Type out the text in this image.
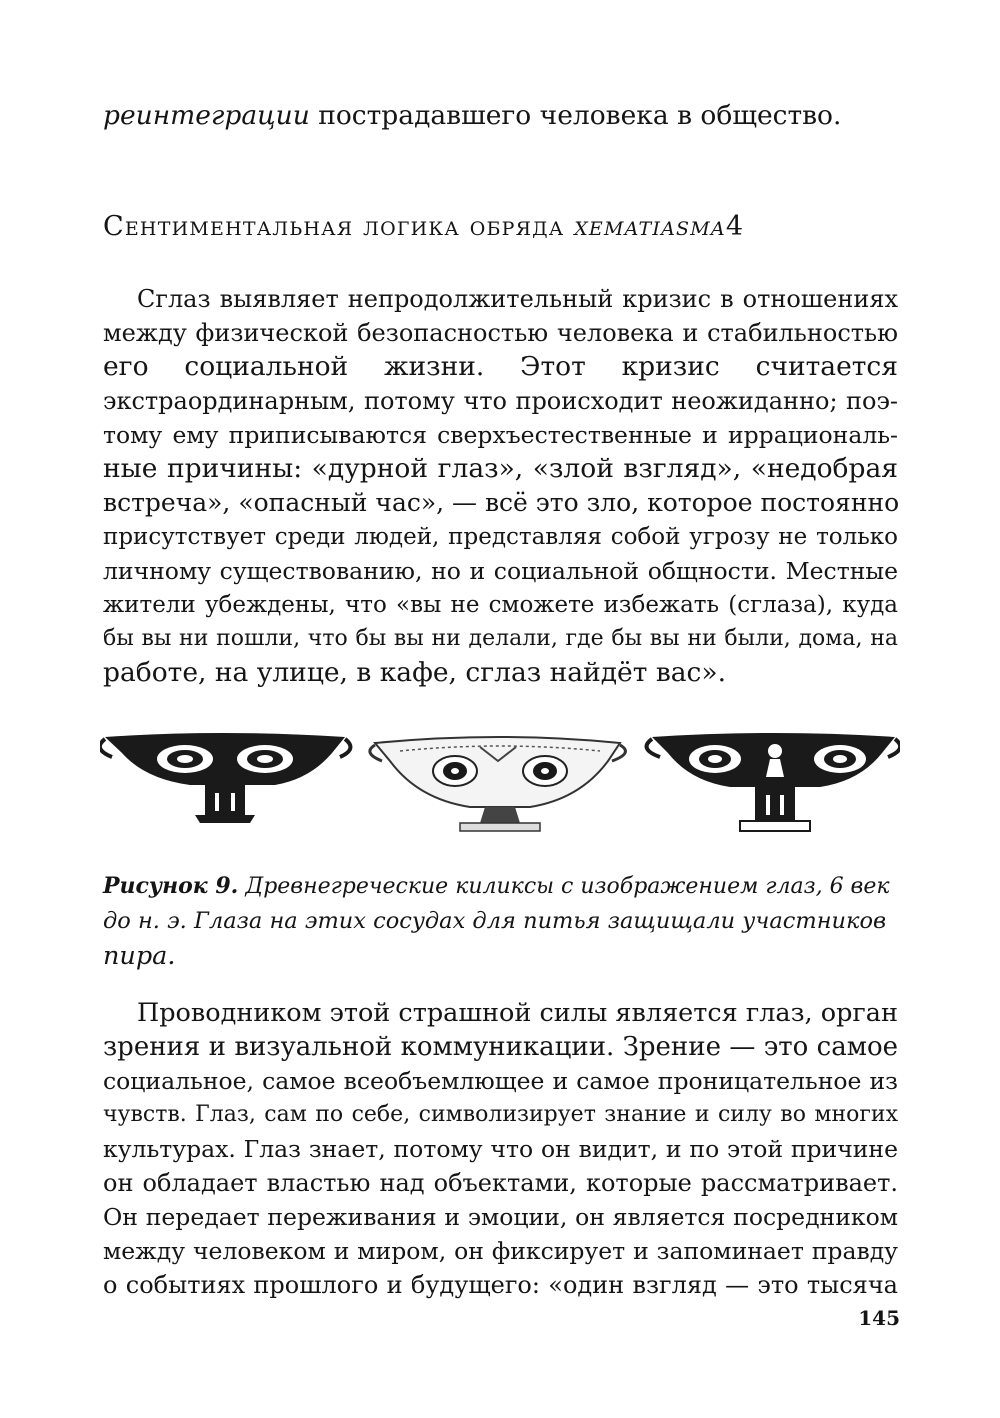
реинтеграции пострадавшего человека в общество.
Сентиментальная логика обряда xematiasma4
Сглаз выявляет непродолжительный кризис в отношениях
между физической безопасностью человека и стабильностью
его социальной жизни. Этот кризис считается
экстраординарным, потому что происходит неожиданно; поэ-
тому ему приписываются сверхъестественные и иррациональ-
ные причины: «дурной глаз», «злой взгляд», «недобрая
встреча», «опасный час», — всё это зло, которое постоянно
присутствует среди людей, представляя собой угрозу не только
личному существованию, но и социальной общности. Местные
жители убеждены, что «вы не сможете избежать (сглаза), куда
бы вы ни пошли, что бы вы ни делали, где бы вы ни были, дома, на
работе, на улице, в кафе, сглаз найдёт вас».
Рисунок 9. Древнегреческие киликсы с изображением глаз, 6 век
до н. э. Глаза на этих сосудах для питья защищали участников
пира.
Проводником этой страшной силы является глаз, орган
зрения и визуальной коммуникации. Зрение — это самое
социальное, самое всеобъемлющее и самое проницательное из
чувств. Глаз, сам по себе, символизирует знание и силу во многих
культурах. Глаз знает, потому что он видит, и по этой причине
он обладает властью над объектами, которые рассматривает.
Он передает переживания и эмоции, он является посредником
между человеком и миром, он фиксирует и запоминает правду
о событиях прошлого и будущего: «один взгляд — это тысяча
145
